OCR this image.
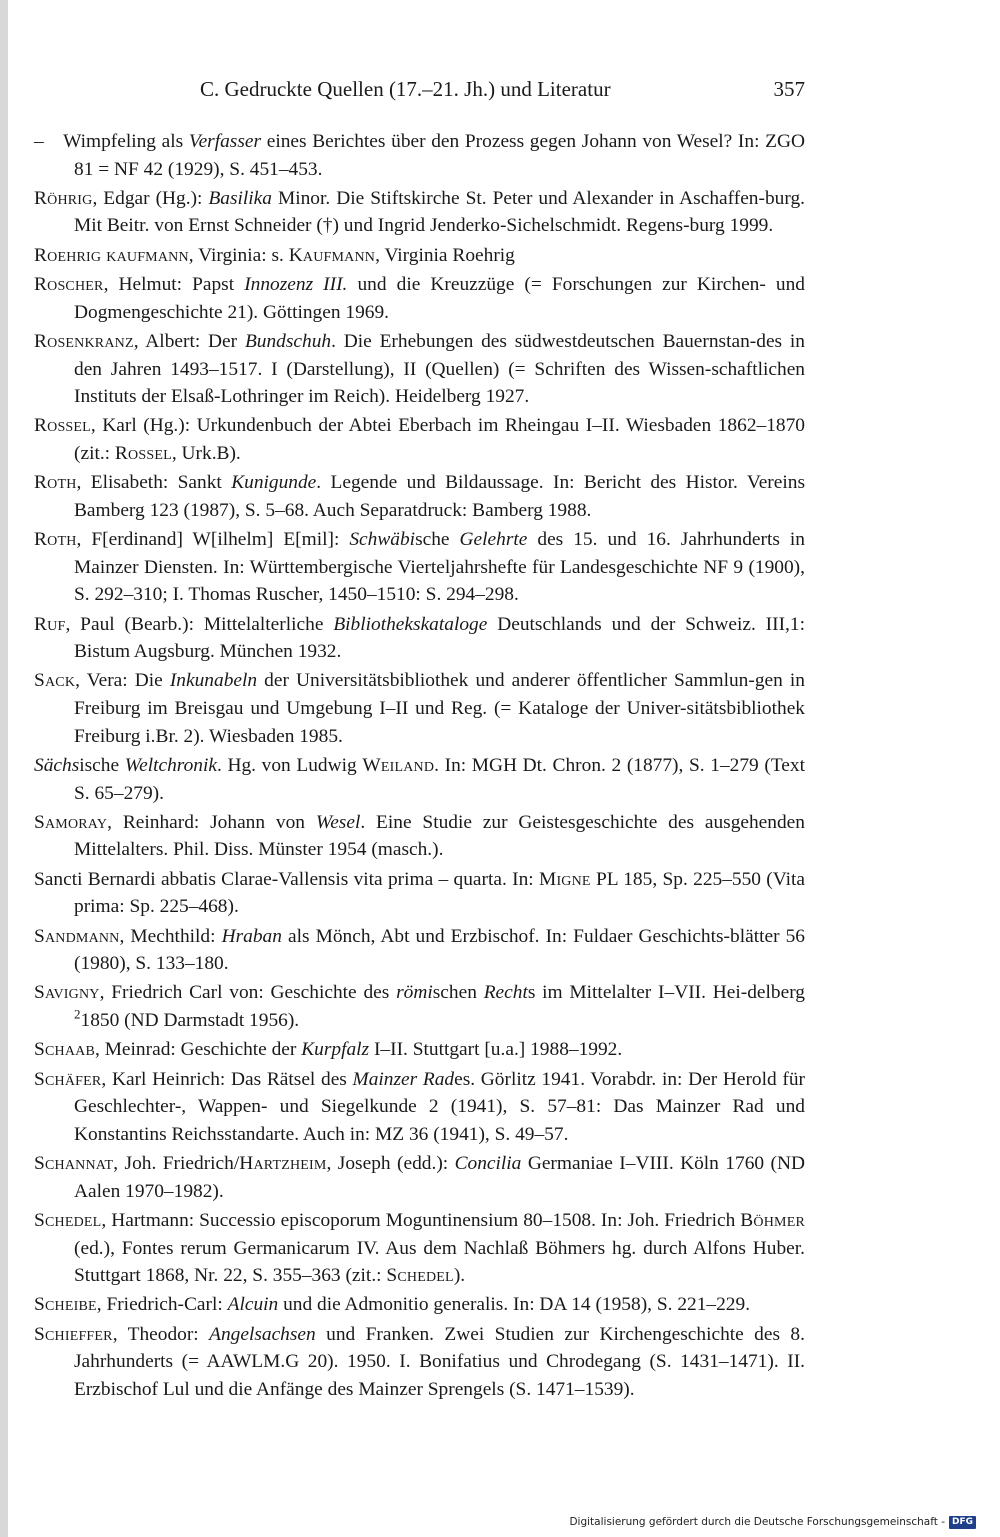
C. Gedruckte Quellen (17.–21. Jh.) und Literatur	357

– Wimpfeling als Verfasser eines Berichtes über den Prozess gegen Johann von Wesel? In: ZGO 81 = NF 42 (1929), S. 451–453.

Röhrig, Edgar (Hg.): Basilika Minor. Die Stiftskirche St. Peter und Alexander in Aschaffen-burg. Mit Beitr. von Ernst Schneider (†) und Ingrid Jenderko-Sichelschmidt. Regens-burg 1999.

Roehrig kaufmann, Virginia: s. Kaufmann, Virginia Roehrig

Roscher, Helmut: Papst Innozenz III. und die Kreuzzüge (= Forschungen zur Kirchen- und Dogmengeschichte 21). Göttingen 1969.

Rosenkranz, Albert: Der Bundschuh. Die Erhebungen des südwestdeutschen Bauernstan-des in den Jahren 1493–1517. I (Darstellung), II (Quellen) (= Schriften des Wissen-schaftlichen Instituts der Elsaß-Lothringer im Reich). Heidelberg 1927.

Rossel, Karl (Hg.): Urkundenbuch der Abtei Eberbach im Rheingau I–II. Wiesbaden 1862–1870 (zit.: Rossel, Urk.B).

Roth, Elisabeth: Sankt Kunigunde. Legende und Bildaussage. In: Bericht des Histor. Vereins Bamberg 123 (1987), S. 5–68. Auch Separatdruck: Bamberg 1988.

Roth, F[erdinand] W[ilhelm] E[mil]: Schwäbische Gelehrte des 15. und 16. Jahrhunderts in Mainzer Diensten. In: Württembergische Vierteljahrshefte für Landesgeschichte NF 9 (1900), S. 292–310; I. Thomas Ruscher, 1450–1510: S. 294–298.

Ruf, Paul (Bearb.): Mittelalterliche Bibliothekskataloge Deutschlands und der Schweiz. III,1: Bistum Augsburg. München 1932.

Sack, Vera: Die Inkunabeln der Universitätsbibliothek und anderer öffentlicher Sammlun-gen in Freiburg im Breisgau und Umgebung I–II und Reg. (= Kataloge der Univer-sitätsbibliothek Freiburg i.Br. 2). Wiesbaden 1985.

Sächsische Weltchronik. Hg. von Ludwig Weiland. In: MGH Dt. Chron. 2 (1877), S. 1–279 (Text S. 65–279).

Samoray, Reinhard: Johann von Wesel. Eine Studie zur Geistesgeschichte des ausgehenden Mittelalters. Phil. Diss. Münster 1954 (masch.).

Sancti Bernardi abbatis Clarae-Vallensis vita prima – quarta. In: Migne PL 185, Sp. 225–550 (Vita prima: Sp. 225–468).

Sandmann, Mechthild: Hraban als Mönch, Abt und Erzbischof. In: Fuldaer Geschichts-blätter 56 (1980), S. 133–180.

Savigny, Friedrich Carl von: Geschichte des römischen Rechts im Mittelalter I–VII. Hei-delberg $^2$1850 (ND Darmstadt 1956).

Schaab, Meinrad: Geschichte der Kurpfalz I–II. Stuttgart [u.a.] 1988–1992.

Schäfer, Karl Heinrich: Das Rätsel des Mainzer Rades. Görlitz 1941. Vorabdr. in: Der Herold für Geschlechter-, Wappen- und Siegelkunde 2 (1941), S. 57–81: Das Mainzer Rad und Konstantins Reichsstandarte. Auch in: MZ 36 (1941), S. 49–57.

Schannat, Joh. Friedrich/Hartzheim, Joseph (edd.): Concilia Germaniae I–VIII. Köln 1760 (ND Aalen 1970–1982).

Schedel, Hartmann: Successio episcoporum Moguntinensium 80–1508. In: Joh. Friedrich Böhmer (ed.), Fontes rerum Germanicarum IV. Aus dem Nachlaß Böhmers hg. durch Alfons Huber. Stuttgart 1868, Nr. 22, S. 355–363 (zit.: Schedel).

Scheibe, Friedrich-Carl: Alcuin und die Admonitio generalis. In: DA 14 (1958), S. 221–229.

Schieffer, Theodor: Angelsachsen und Franken. Zwei Studien zur Kirchengeschichte des 8. Jahrhunderts (= AAWLM.G 20). 1950. I. Bonifatius und Chrodegang (S. 1431–1471). II. Erzbischof Lul und die Anfänge des Mainzer Sprengels (S. 1471–1539).

Digitalisierung gefördert durch die Deutsche Forschungsgemeinschaft - DFG
